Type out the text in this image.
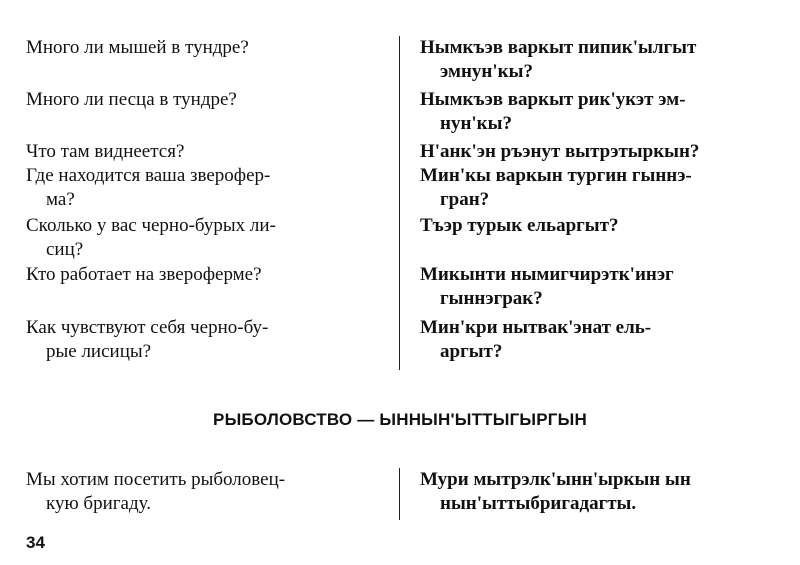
Много ли мышей в тундре?
Много ли песца в тундре?
Что там виднеется?
Где находится ваша зверофер-
ма?
Сколько у вас черно-бурых ли-
сиц?
Кто работает на звероферме?
Как чувствуют себя черно-бу-
рые лисицы?
Нымкъэв варкыт пипик'ылгыт
эмнун'кы?
Нымкъэв варкыт рик'укэт эм-
нун'кы?
Н'анк'эн ръэнут вытрэтыркын?
Мин'кы варкын тургин гыннэ-
гран?
Тъэр турык ельаргыт?
Микынти нымигчирэтк'инэг
гыннэграк?
Мин'кри нытвак'энат ель-
аргыт?
РЫБОЛОВСТВО — ЫННЫН'ЫТТЫГЫРГЫН
Мы хотим посетить рыболовец-
кую бригаду.
Мури мытрэлк'ынн'ыркын ын
нын'ыттыбригадагты.
34
